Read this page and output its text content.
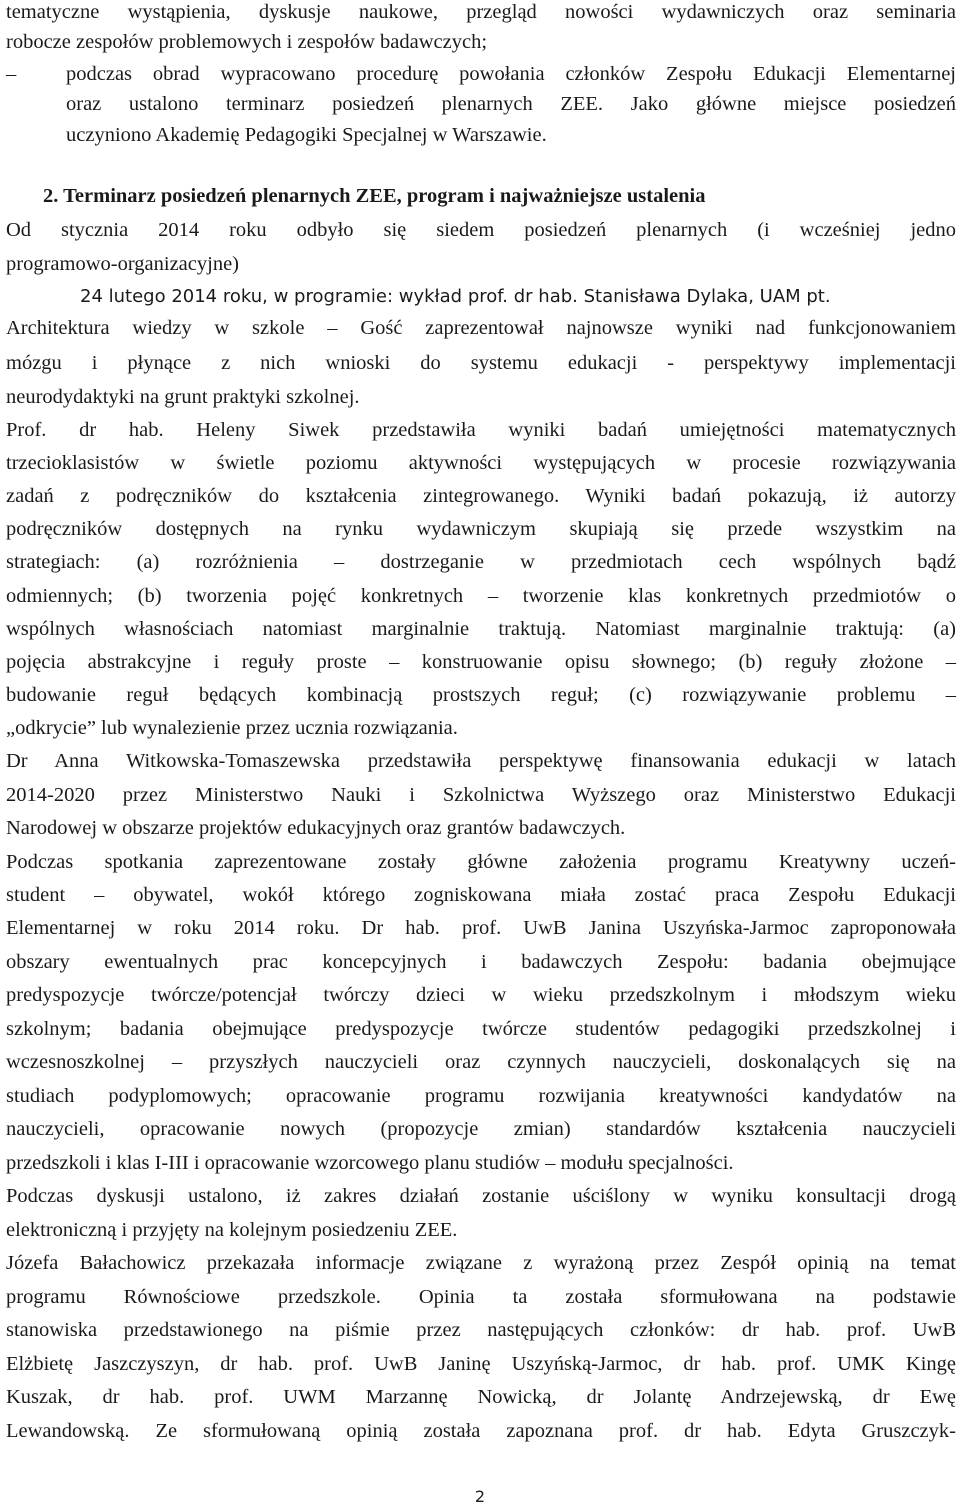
tematyczne wystąpienia, dyskusje naukowe, przegląd nowości wydawniczych oraz seminaria
robocze zespołów problemowych i zespołów badawczych;
–	podczas obrad wypracowano procedurę powołania członków Zespołu Edukacji Elementarnej
oraz ustalono terminarz posiedzeń plenarnych ZEE. Jako główne miejsce posiedzeń
uczyniono Akademię Pedagogiki Specjalnej w Warszawie.
2. Terminarz posiedzeń plenarnych ZEE, program i najważniejsze ustalenia
Od stycznia 2014 roku odbyło się siedem posiedzeń plenarnych (i wcześniej jedno
programowo-organizacyjne)
24 lutego 2014 roku, w programie: wykład prof. dr hab. Stanisława Dylaka, UAM pt.
Architektura wiedzy w szkole – Gość zaprezentował najnowsze wyniki nad funkcjonowaniem
mózgu i płynące z nich wnioski do systemu edukacji - perspektywy implementacji
neurodydaktyki na grunt praktyki szkolnej.
Prof. dr hab. Heleny Siwek przedstawiła wyniki badań umiejętności matematycznych
trzecioklasistów w świetle poziomu aktywności występujących w procesie rozwiązywania
zadań z podręczników do kształcenia zintegrowanego. Wyniki badań pokazują, iż autorzy
podręczników dostępnych na rynku wydawniczym skupiają się przede wszystkim na
strategiach: (a) rozróżnienia – dostrzeganie w przedmiotach cech wspólnych bądź
odmiennych; (b) tworzenia pojęć konkretnych – tworzenie klas konkretnych przedmiotów o
wspólnych własnościach natomiast marginalnie traktują. Natomiast marginalnie traktują: (a)
pojęcia abstrakcyjne i reguły proste – konstruowanie opisu słownego; (b) reguły złożone –
budowanie reguł będących kombinacją prostszych reguł; (c) rozwiązywanie problemu –
„odkrycie” lub wynalezienie przez ucznia rozwiązania.
Dr Anna Witkowska-Tomaszewska przedstawiła perspektywę finansowania edukacji w latach
2014-2020 przez Ministerstwo Nauki i Szkolnictwa Wyższego oraz Ministerstwo Edukacji
Narodowej w obszarze projektów edukacyjnych oraz grantów badawczych.
Podczas spotkania zaprezentowane zostały główne założenia programu Kreatywny uczeń-
student – obywatel, wokół którego zogniskowana miała zostać praca Zespołu Edukacji
Elementarnej w roku 2014 roku. Dr hab. prof. UwB Janina Uszyńska-Jarmoc zaproponowała
obszary ewentualnych prac koncepcyjnych i badawczych Zespołu: badania obejmujące
predyspozycje twórcze/potencjał twórczy dzieci w wieku przedszkolnym i młodszym wieku
szkolnym; badania obejmujące predyspozycje twórcze studentów pedagogiki przedszkolnej i
wczesnoszkolnej – przyszłych nauczycieli oraz czynnych nauczycieli, doskonalących się na
studiach podyplomowych; opracowanie programu rozwijania kreatywności kandydatów na
nauczycieli, opracowanie nowych (propozycje zmian) standardów kształcenia nauczycieli
przedszkoli i klas I-III i opracowanie wzorcowego planu studiów – modułu specjalności.
Podczas dyskusji ustalono, iż zakres działań zostanie uściślony w wyniku konsultacji drogą
elektroniczną i przyjęty na kolejnym posiedzeniu ZEE.
Józefa Bałachowicz przekazała informacje związane z wyrażoną przez Zespół opinią na temat
programu Równościowe przedszkole. Opinia ta została sformułowana na podstawie
stanowiska przedstawionego na piśmie przez następujących członków: dr hab. prof. UwB
Elżbietę Jaszczyszyn, dr hab. prof. UwB Janinę Uszyńską-Jarmoc, dr hab. prof. UMK Kingę
Kuszak, dr hab. prof. UWM Marzannę Nowicką, dr Jolantę Andrzejewską, dr Ewę
Lewandowską. Ze sformułowaną opinią została zapoznana prof. dr hab. Edyta Gruszczyk-
2
